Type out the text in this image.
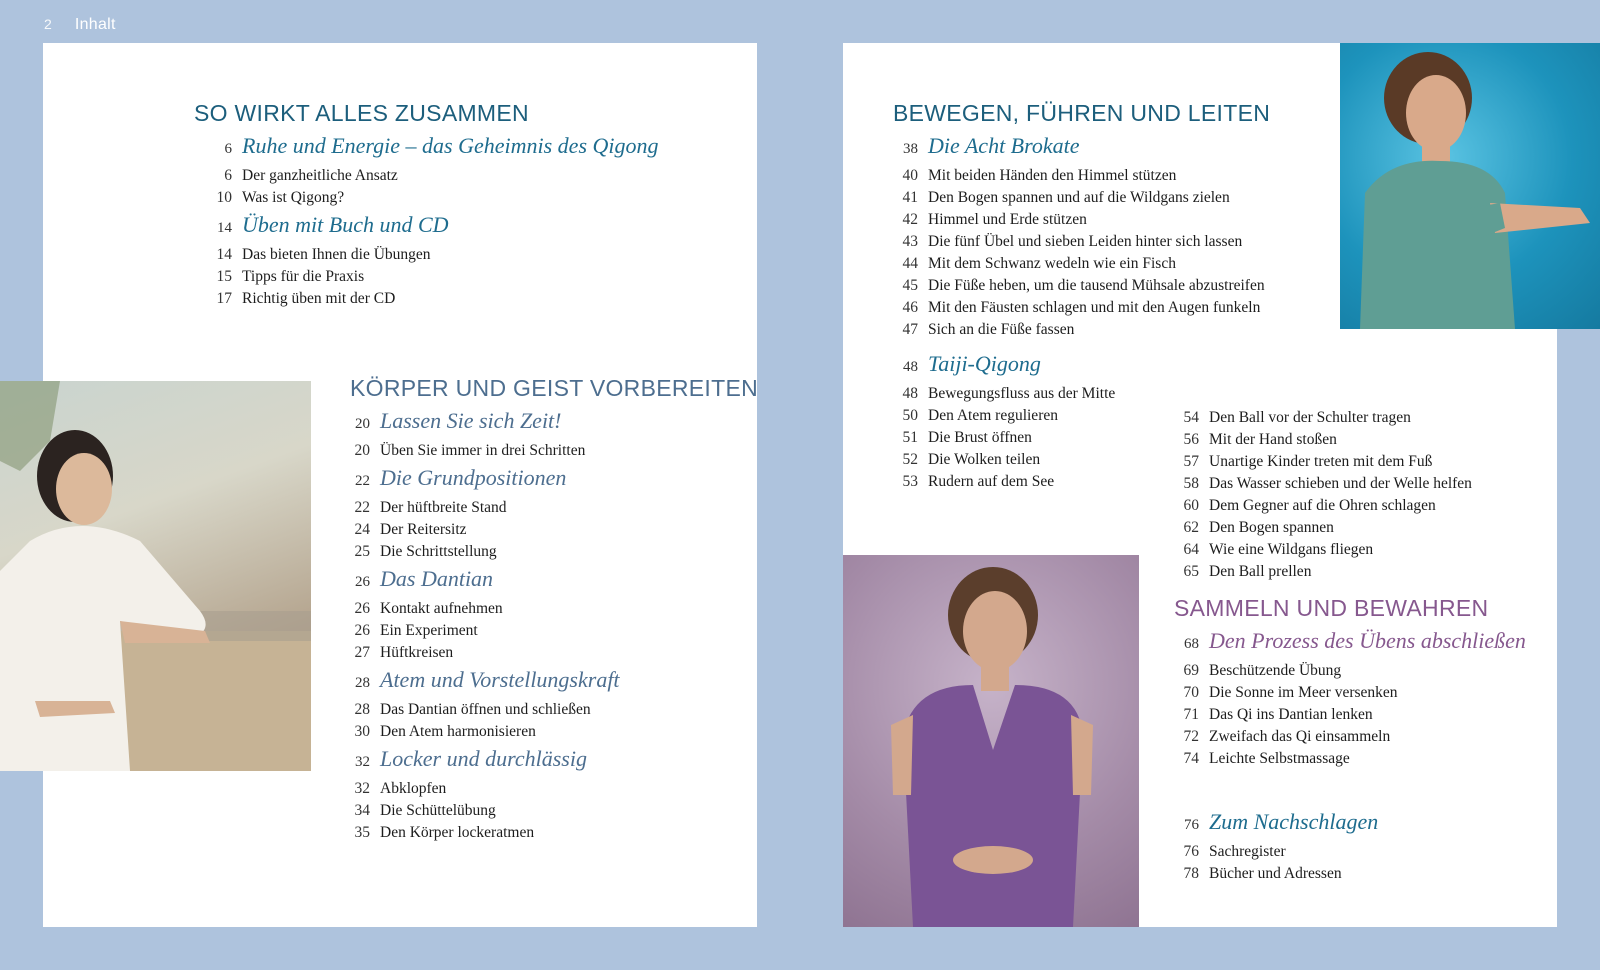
2 Inhalt
SO WIRKT ALLES ZUSAMMEN
6 Ruhe und Energie – das Geheimnis des Qigong
6 Der ganzheitliche Ansatz
10 Was ist Qigong?
14 Üben mit Buch und CD
14 Das bieten Ihnen die Übungen
15 Tipps für die Praxis
17 Richtig üben mit der CD
KÖRPER UND GEIST VORBEREITEN
20 Lassen Sie sich Zeit!
20 Üben Sie immer in drei Schritten
22 Die Grundpositionen
22 Der hüftbreite Stand
24 Der Reitersitz
25 Die Schrittstellung
26 Das Dantian
26 Kontakt aufnehmen
26 Ein Experiment
27 Hüftkreisen
28 Atem und Vorstellungskraft
28 Das Dantian öffnen und schließen
30 Den Atem harmonisieren
32 Locker und durchlässig
32 Abklopfen
34 Die Schüttelübung
35 Den Körper lockeratmen
BEWEGEN, FÜHREN UND LEITEN
38 Die Acht Brokate
40 Mit beiden Händen den Himmel stützen
41 Den Bogen spannen und auf die Wildgans zielen
42 Himmel und Erde stützen
43 Die fünf Übel und sieben Leiden hinter sich lassen
44 Mit dem Schwanz wedeln wie ein Fisch
45 Die Füße heben, um die tausend Mühsale abzustreifen
46 Mit den Fäusten schlagen und mit den Augen funkeln
47 Sich an die Füße fassen
48 Taiji-Qigong
48 Bewegungsfluss aus der Mitte
50 Den Atem regulieren
51 Die Brust öffnen
52 Die Wolken teilen
53 Rudern auf dem See
54 Den Ball vor der Schulter tragen
56 Mit der Hand stoßen
57 Unartige Kinder treten mit dem Fuß
58 Das Wasser schieben und der Welle helfen
60 Dem Gegner auf die Ohren schlagen
62 Den Bogen spannen
64 Wie eine Wildgans fliegen
65 Den Ball prellen
SAMMELN UND BEWAHREN
68 Den Prozess des Übens abschließen
69 Beschützende Übung
70 Die Sonne im Meer versenken
71 Das Qi ins Dantian lenken
72 Zweifach das Qi einsammeln
74 Leichte Selbstmassage
76 Zum Nachschlagen
76 Sachregister
78 Bücher und Adressen
